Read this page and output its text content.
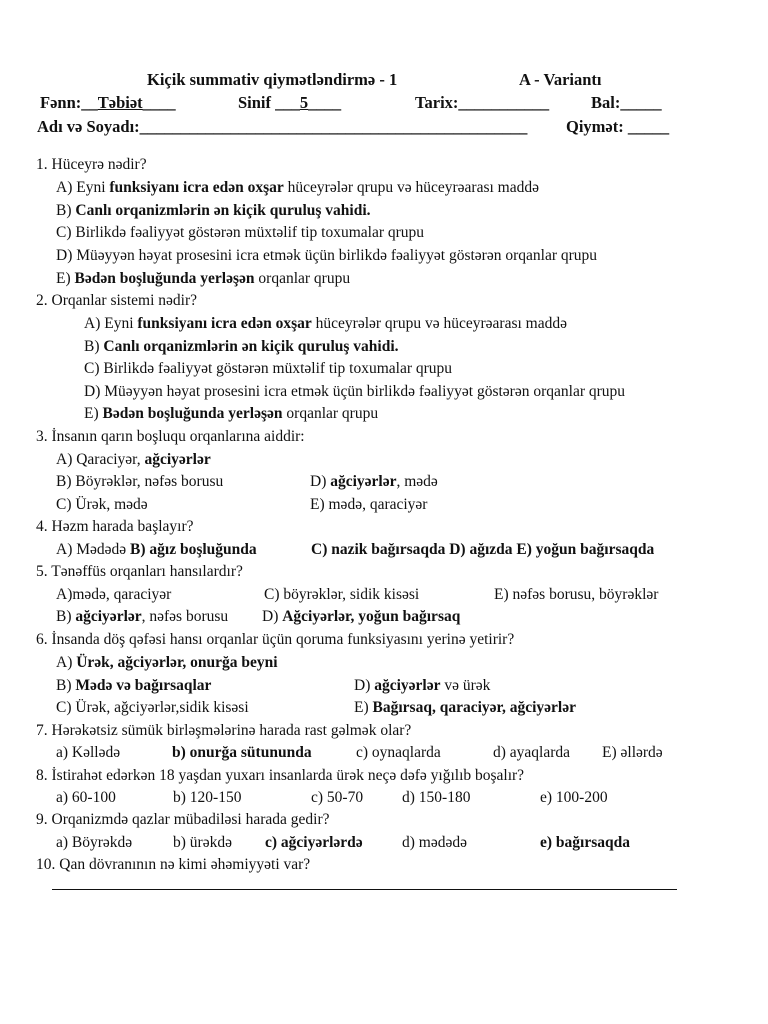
Kiçik summativ qiymətləndirmə - 1	A - Variantı
Fənn:__Təbiət____	Sinif ___5____	Tarix:___________	Bal:_____
Adı və Soyadı:_______________________________________________ Qiymət: _____
1. Hüceyrə nədir?
A) Eyni funksiyanı icra edən oxşar hüceyrələr qrupu və hüceyrəarası maddə
B) Canlı orqanizmlərin ən kiçik quruluş vahidi.
C) Birlikdə fəaliyyət göstərən müxtəlif tip toxumalar qrupu
D) Müəyyən həyat prosesini icra etmək üçün birlikdə fəaliyyət göstərən orqanlar qrupu
E) Bədən boşluğunda yerləşən orqanlar qrupu
2. Orqanlar sistemi nədir?
A) Eyni funksiyanı icra edən oxşar hüceyrələr qrupu və hüceyrəarası maddə
B) Canlı orqanizmlərin ən kiçik quruluş vahidi.
C) Birlikdə fəaliyyət göstərən müxtəlif tip toxumalar qrupu
D) Müəyyən həyat prosesini icra etmək üçün birlikdə fəaliyyət göstərən orqanlar qrupu
E) Bədən boşluğunda yerləşən orqanlar qrupu
3. İnsanın qarın boşluqu orqanlarına aiddir:
A) Qaraciyər, ağciyərlər
B) Böyrəklər, nəfəs borusu	D) ağciyərlər, mədə
C) Ürək, mədə	E) mədə, qaraciyər
4. Həzm harada başlayır?
A) Mədədə B) ağız boşluğunda	C) nazik bağırsaqda D) ağızda E) yoğun bağırsaqda
5. Tənəffüs orqanları hansılardır?
A)mədə, qaraciyər	C) böyrəklər, sidik kisəsi	E) nəfəs borusu, böyrəklər
B) ağciyərlər, nəfəs borusu D) Ağciyərlər, yoğun bağırsaq
6. İnsanda döş qəfəsi hansı orqanlar üçün qoruma funksiyasını yerinə yetirir?
A) Ürək, ağciyərlər, onurğa beyni
B) Mədə və bağırsaqlar	D) ağciyərlər və ürək
C) Ürək, ağciyərlər,sidik kisəsi	E) Bağırsaq, qaraciyər, ağciyərlər
7. Hərəkətsiz sümük birləşmələrinə harada rast gəlmək olar?
a) Kəllədə	b) onurğa sütununda	c) oynaqlarda	d) ayaqlarda E) əllərdə
8. İstirahət edərkən 18 yaşdan yuxarı insanlarda ürək neçə dəfə yığılıb boşalır?
a) 60-100	b) 120-150	c) 50-70	d) 150-180	e) 100-200
9. Orqanizmdə qazlar mübadiləsi harada gedir?
a) Böyrəkdə	b) ürəkdə c) ağciyərlərdə	d) mədədə	e) bağırsaqda
10. Qan dövranının nə kimi əhəmiyyəti var?
